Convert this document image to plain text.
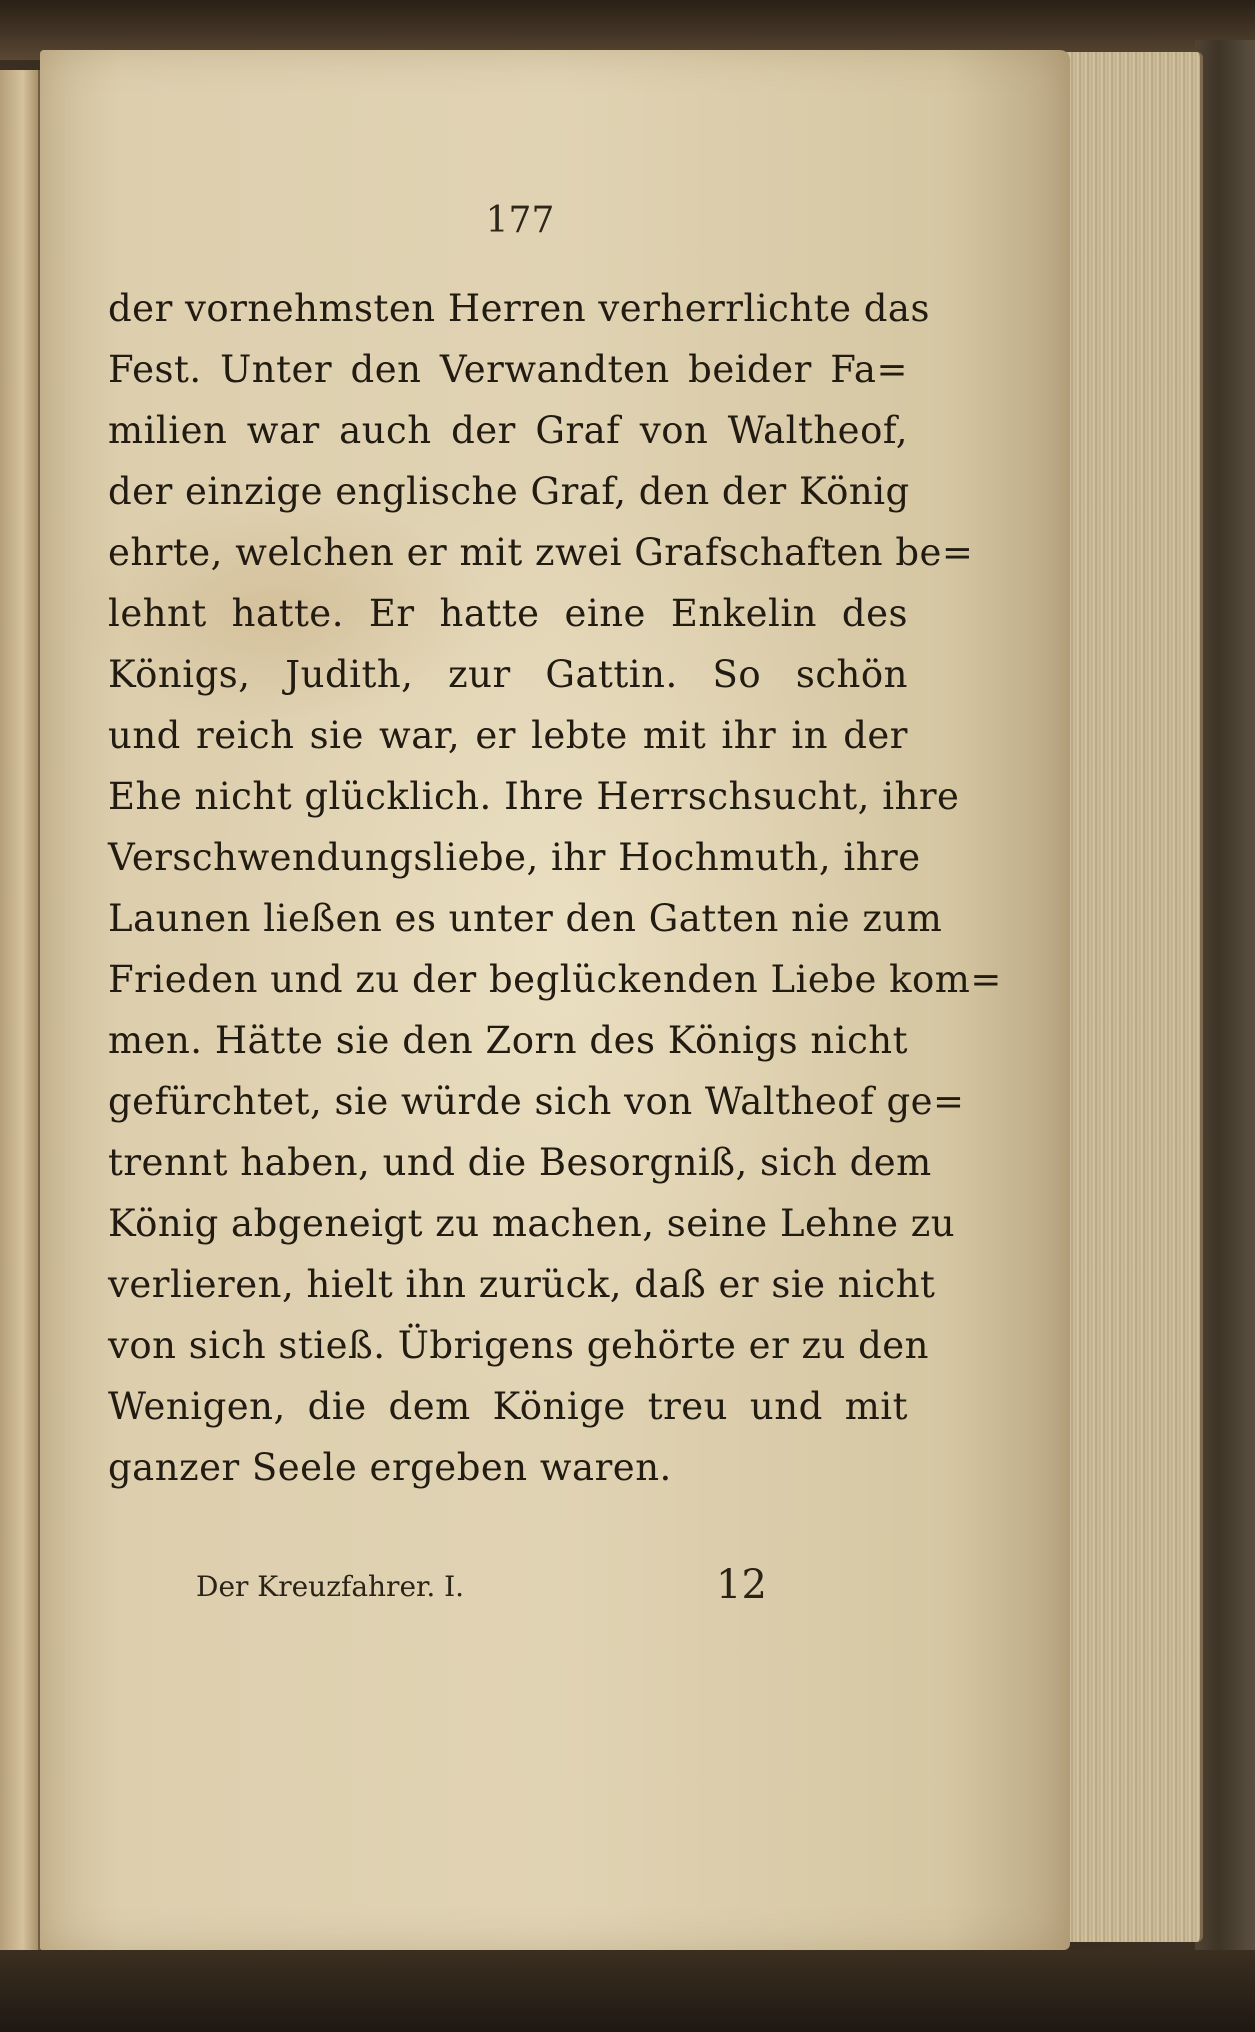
177
der vornehmsten Herren verherrlichte das
Fest. Unter den Verwandten beider Fa=
milien war auch der Graf von Waltheof,
der einzige englische Graf, den der König
ehrte, welchen er mit zwei Grafschaften be=
lehnt hatte. Er hatte eine Enkelin des
Königs, Judith, zur Gattin. So schön
und reich sie war, er lebte mit ihr in der
Ehe nicht glücklich. Ihre Herrschsucht, ihre
Verschwendungsliebe, ihr Hochmuth, ihre
Launen ließen es unter den Gatten nie zum
Frieden und zu der beglückenden Liebe kom=
men. Hätte sie den Zorn des Königs nicht
gefürchtet, sie würde sich von Waltheof ge=
trennt haben, und die Besorgniß, sich dem
König abgeneigt zu machen, seine Lehne zu
verlieren, hielt ihn zurück, daß er sie nicht
von sich stieß. Übrigens gehörte er zu den
Wenigen, die dem Könige treu und mit
ganzer Seele ergeben waren.
Der Kreuzfahrer. I.	12
